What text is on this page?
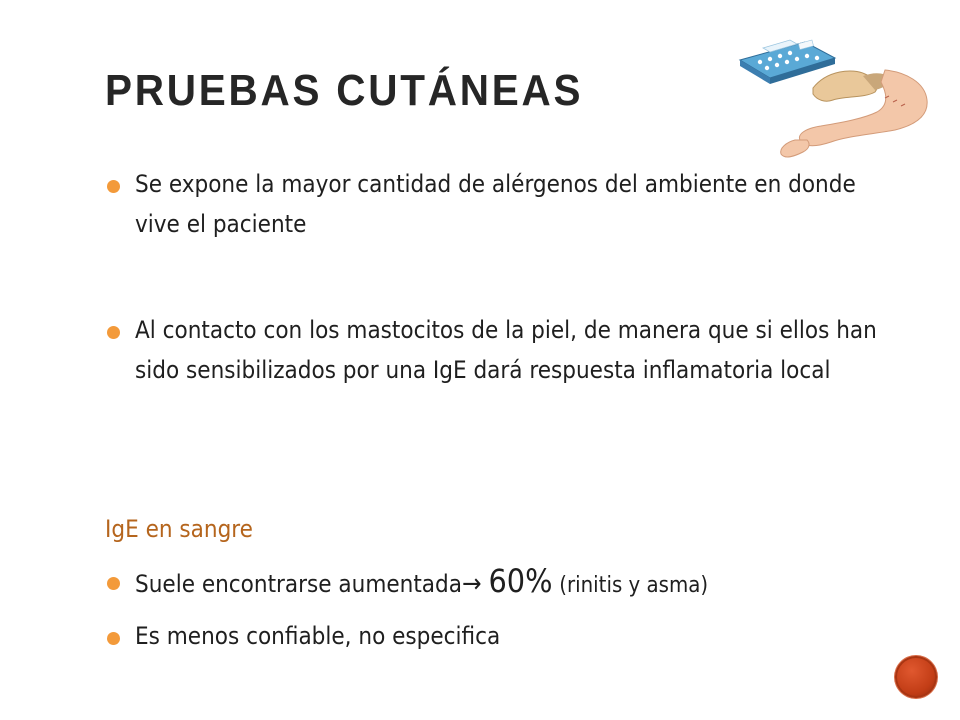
PRUEBAS CUTÁNEAS
Se expone la mayor cantidad de alérgenos del ambiente en donde vive el paciente
Al contacto con los mastocitos de la piel, de manera que si ellos han sido sensibilizados por una IgE dará respuesta inflamatoria local
IgE en sangre
Suele encontrarse aumentada→ 60% (rinitis y asma)
Es menos confiable, no especifica
